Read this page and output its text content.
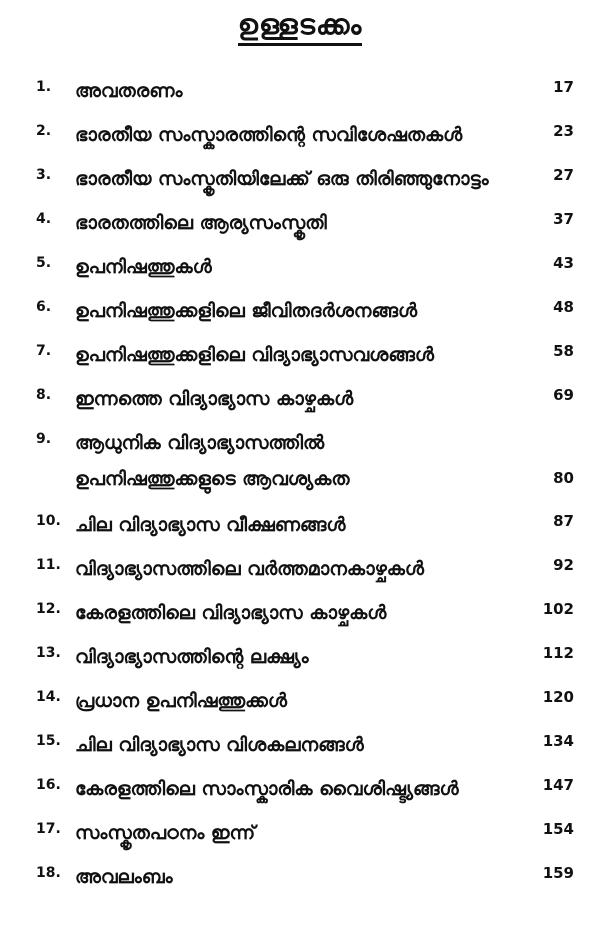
ഉള്ളടക്കം
1. അവതരണം	17
2. ഭാരതീയ സംസ്കാരത്തിന്റെ സവിശേഷതകൾ	23
3. ഭാരതീയ സംസ്കൃതിയിലേക്ക് ഒരു തിരിഞ്ഞുനോട്ടം	27
4. ഭാരതത്തിലെ ആര്യസംസ്കൃതി	37
5. ഉപനിഷത്തുകൾ	43
6. ഉപനിഷത്തുക്കളിലെ ജീവിതദർശനങ്ങൾ	48
7. ഉപനിഷത്തുക്കളിലെ വിദ്യാഭ്യാസവശങ്ങൾ	58
8. ഇന്നത്തെ വിദ്യാഭ്യാസ കാഴ്ചകൾ	69
9. ആധുനിക വിദ്യാഭ്യാസത്തിൽ
ഉപനിഷത്തുക്കളുടെ ആവശ്യകത	80
10. ചില വിദ്യാഭ്യാസ വീക്ഷണങ്ങൾ	87
11. വിദ്യാഭ്യാസത്തിലെ വർത്തമാനകാഴ്ചകൾ	92
12. കേരളത്തിലെ വിദ്യാഭ്യാസ കാഴ്ചകൾ	102
13. വിദ്യാഭ്യാസത്തിന്റെ ലക്ഷ്യം	112
14. പ്രധാന ഉപനിഷത്തുക്കൾ	120
15. ചില വിദ്യാഭ്യാസ വിശകലനങ്ങൾ	134
16. കേരളത്തിലെ സാംസ്കാരിക വൈശിഷ്ട്യങ്ങൾ	147
17. സംസ്കൃതപഠനം ഇന്ന്	154
18. അവലംബം	159
